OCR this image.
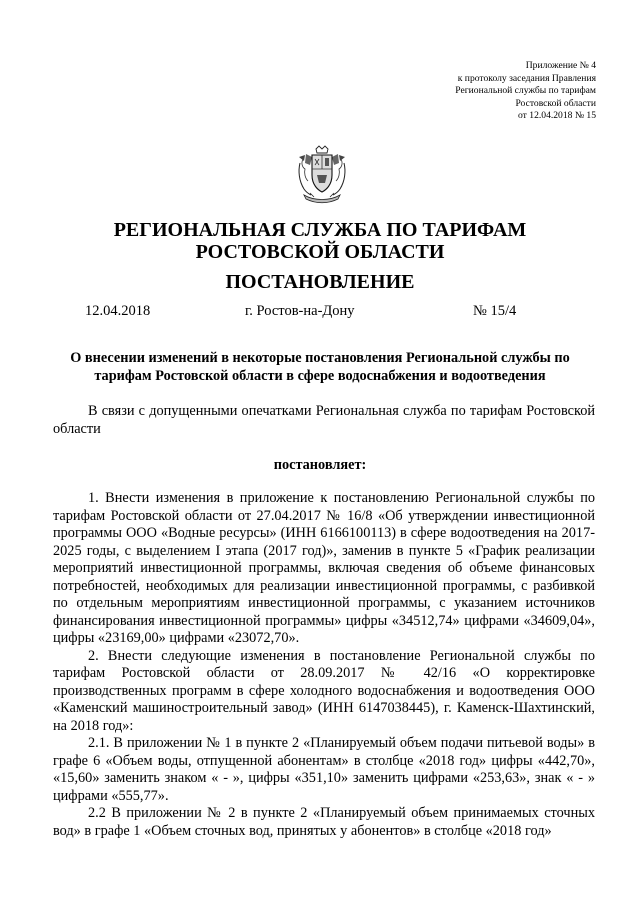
Приложение № 4
к протоколу заседания Правления
Региональной службы по тарифам
Ростовской области
от 12.04.2018 № 15
РЕГИОНАЛЬНАЯ СЛУЖБА ПО ТАРИФАМ
РОСТОВСКОЙ ОБЛАСТИ
ПОСТАНОВЛЕНИЕ
12.04.2018	г. Ростов-на-Дону	№ 15/4
О внесении изменений в некоторые постановления Региональной службы по тарифам Ростовской области в сфере водоснабжения и водоотведения

В связи с допущенными опечатками Региональная служба по тарифам Ростовской области

постановляет:

1. Внести изменения в приложение к постановлению Региональной службы по тарифам Ростовской области от 27.04.2017 № 16/8 «Об утверждении инвестиционной программы ООО «Водные ресурсы» (ИНН 6166100113) в сфере водоотведения на 2017-2025 годы, с выделением I этапа (2017 год)», заменив в пункте 5 «График реализации мероприятий инвестиционной программы, включая сведения об объеме финансовых потребностей, необходимых для реализации инвестиционной программы, с разбивкой по отдельным мероприятиям инвестиционной программы, с указанием источников финансирования инвестиционной программы» цифры «34512,74» цифрами «34609,04», цифры «23169,00» цифрами «23072,70».

2. Внести следующие изменения в постановление Региональной службы по тарифам Ростовской области от 28.09.2017 № 42/16 «О корректировке производственных программ в сфере холодного водоснабжения и водоотведения ООО «Каменский машиностроительный завод» (ИНН 6147038445), г. Каменск-Шахтинский, на 2018 год»:

2.1. В приложении № 1 в пункте 2 «Планируемый объем подачи питьевой воды» в графе 6 «Объем воды, отпущенной абонентам» в столбце «2018 год» цифры «442,70», «15,60» заменить знаком « - », цифры «351,10» заменить цифрами «253,63», знак « - » цифрами «555,77».

2.2 В приложении № 2 в пункте 2 «Планируемый объем принимаемых сточных вод» в графе 1 «Объем сточных вод, принятых у абонентов» в столбце «2018 год»
